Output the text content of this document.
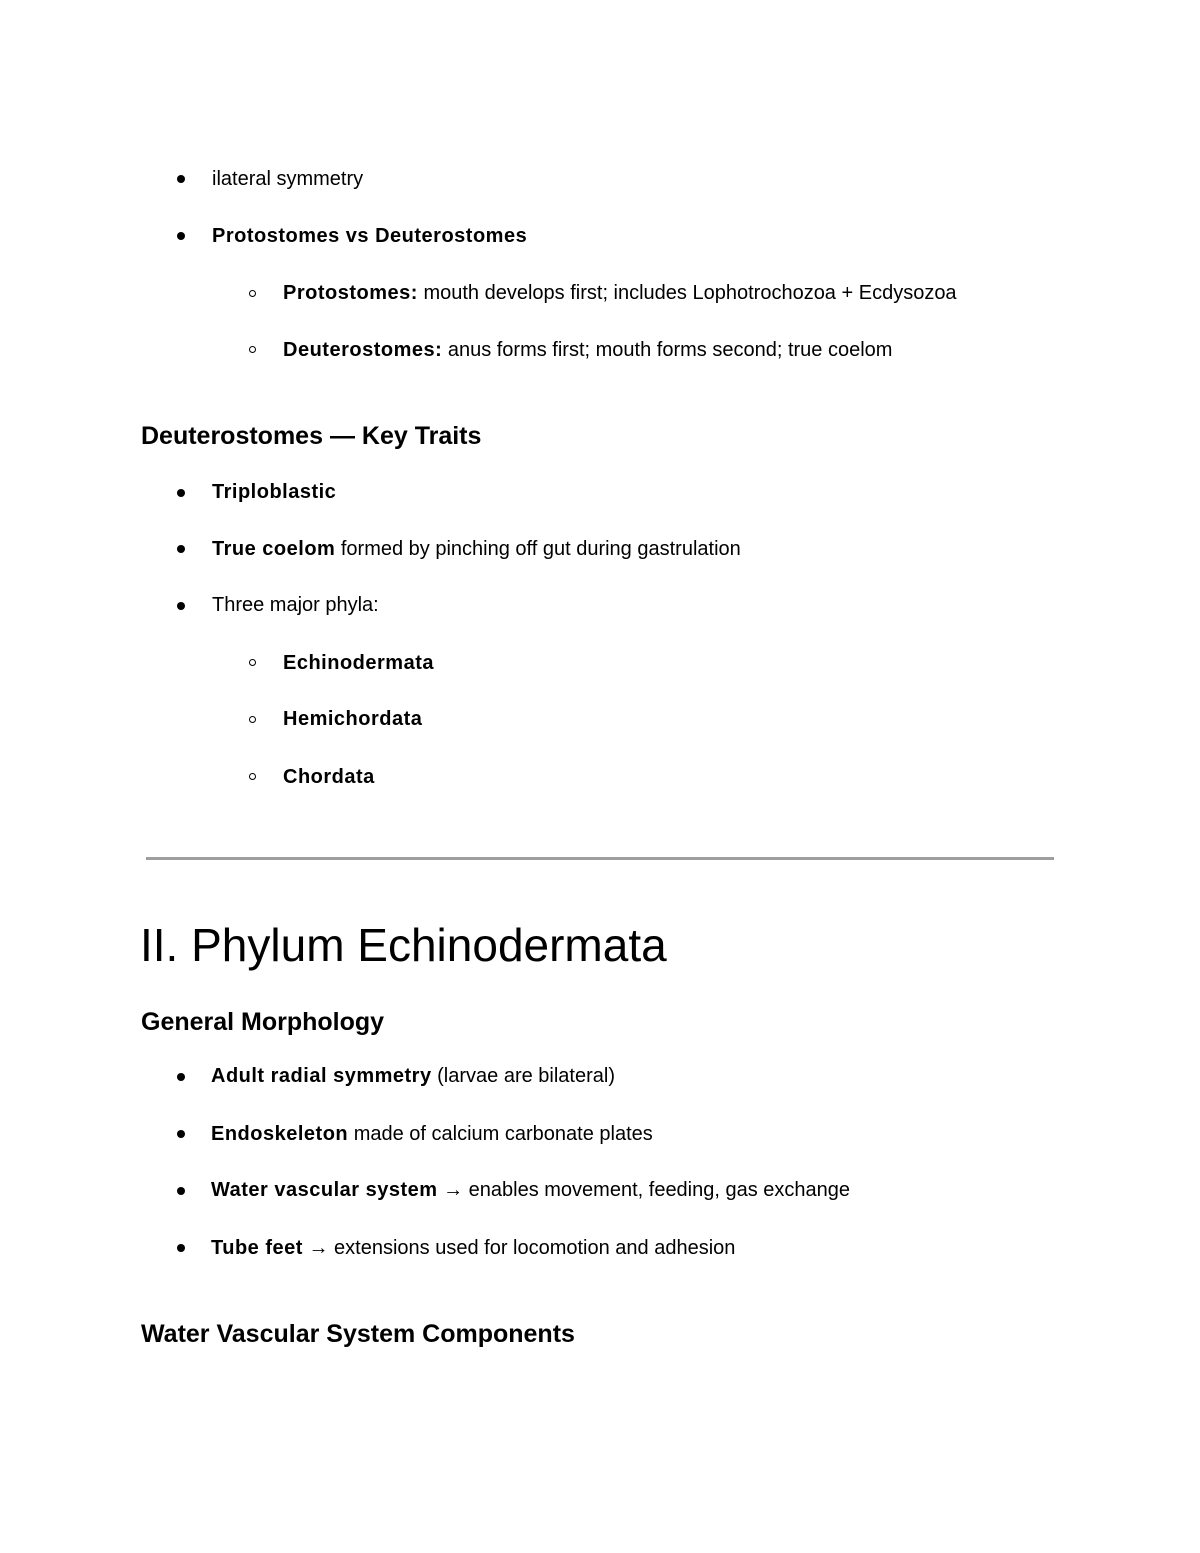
ilateral symmetry
Protostomes vs Deuterostomes
Protostomes: mouth develops first; includes Lophotrochozoa + Ecdysozoa
Deuterostomes: anus forms first; mouth forms second; true coelom
Deuterostomes — Key Traits
Triploblastic
True coelom formed by pinching off gut during gastrulation
Three major phyla:
Echinodermata
Hemichordata
Chordata
II. Phylum Echinodermata
General Morphology
Adult radial symmetry (larvae are bilateral)
Endoskeleton made of calcium carbonate plates
Water vascular system → enables movement, feeding, gas exchange
Tube feet → extensions used for locomotion and adhesion
Water Vascular System Components
